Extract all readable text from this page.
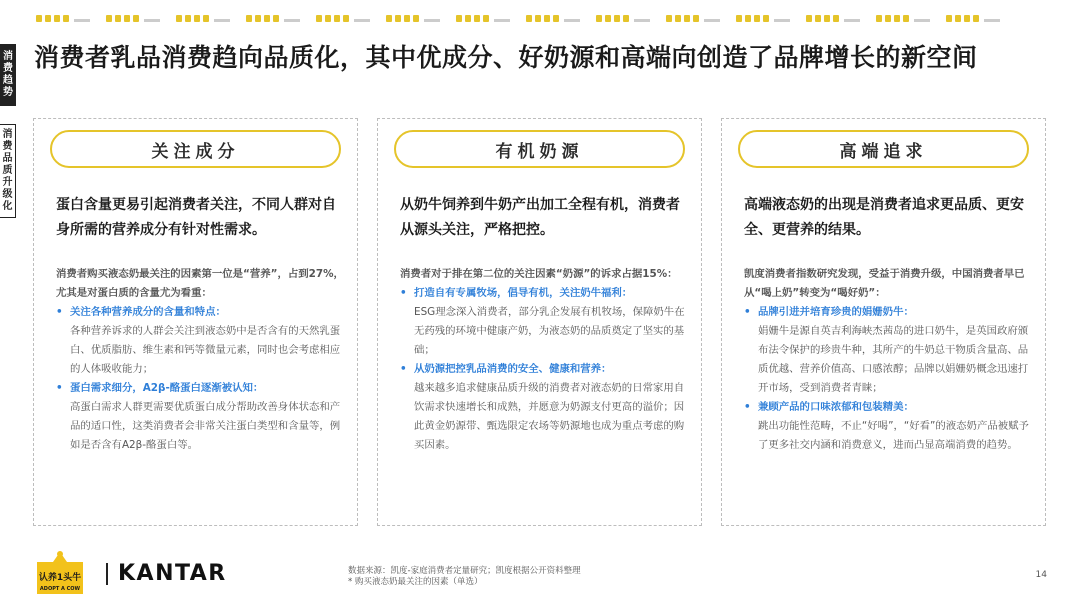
消
费
趋
势
消
费
品
质
升
级
化
消费者乳品消费趋向品质化，其中优成分、好奶源和高端向创造了品牌增长的新空间
关注成分
蛋白含量更易引起消费者关注，不同人群对自身所需的营养成分有针对性需求。
消费者购买液态奶最关注的因素第一位是“营养”，占到27%，尤其是对蛋白质的含量尤为看重：
• 关注各种营养成分的含量和特点：
各种营养诉求的人群会关注到液态奶中是否含有的天然乳蛋白、优质脂肪、维生素和钙等微量元素，同时也会考虑相应的人体吸收能力；
• 蛋白需求细分，A2β-酪蛋白逐渐被认知：
高蛋白需求人群更需要优质蛋白成分帮助改善身体状态和产品的适口性，这类消费者会非常关注蛋白类型和含量等，例如是否含有A2β-酪蛋白等。
有机奶源
从奶牛饲养到牛奶产出加工全程有机，消费者从源头关注，严格把控。
消费者对于排在第二位的关注因素“奶源”的诉求占据15%：
• 打造自有专属牧场，倡导有机，关注奶牛福利：
ESG理念深入消费者，部分乳企发展有机牧场，保障奶牛在无药残的环境中健康产奶，为液态奶的品质奠定了坚实的基础；
• 从奶源把控乳品消费的安全、健康和营养：
越来越多追求健康品质升级的消费者对液态奶的日常家用自饮需求快速增长和成熟，并愿意为奶源支付更高的溢价；因此黄金奶源带、甄选限定农场等奶源地也成为重点考虑的购买因素。
高端追求
高端液态奶的出现是消费者追求更品质、更安全、更营养的结果。
凯度消费者指数研究发现，受益于消费升级，中国消费者早已从“喝上奶”转变为“喝好奶”：
• 品牌引进并培育珍贵的娟姗奶牛：
娟姗牛是源自英吉利海峡杰茜岛的进口奶牛，是英国政府颁布法令保护的珍贵牛种，其所产的牛奶总干物质含量高、品质优越、营养价值高、口感浓醇；品牌以娟姗奶概念迅速打开市场，受到消费者青睐；
• 兼顾产品的口味浓郁和包装精美：
跳出功能性范畴，不止“好喝”，“好看”的液态奶产品被赋予了更多社交内涵和消费意义，进而凸显高端消费的趋势。
认养1头牛
ADOPT A COW
KANTAR	数据来源：凯度-家庭消费者定量研究；凯度根据公开资料整理
* 购买液态奶最关注的因素（单选）
14
